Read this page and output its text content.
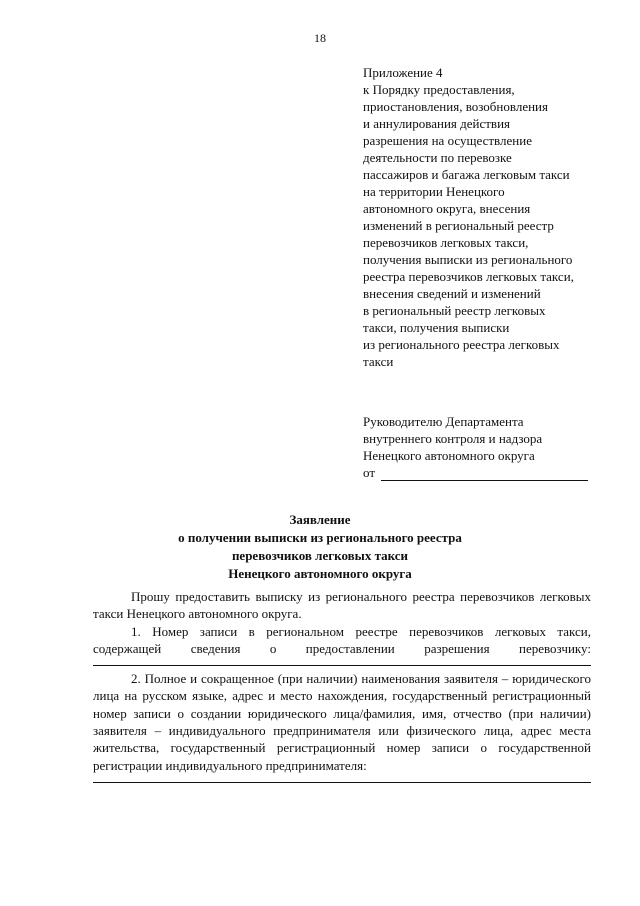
18
Приложение 4
к Порядку предоставления,
приостановления, возобновления
и аннулирования действия
разрешения на осуществление
деятельности по перевозке
пассажиров и багажа легковым такси
на территории Ненецкого
автономного округа, внесения
изменений в региональный реестр
перевозчиков легковых такси,
получения выписки из регионального
реестра перевозчиков легковых такси,
внесения сведений и изменений
в региональный реестр легковых
такси, получения выписки
из регионального реестра легковых
такси
Руководителю Департамента
внутреннего контроля и надзора
Ненецкого автономного округа
от
Заявление
о получении выписки из регионального реестра
перевозчиков легковых такси
Ненецкого автономного округа

Прошу предоставить выписку из регионального реестра перевозчиков легковых такси Ненецкого автономного округа.

1. Номер записи в региональном реестре перевозчиков легковых такси, содержащей сведения о предоставлении разрешения перевозчику:

2. Полное и сокращенное (при наличии) наименования заявителя – юридического лица на русском языке, адрес и место нахождения, государственный регистрационный номер записи о создании юридического лица/фамилия, имя, отчество (при наличии) заявителя – индивидуального предпринимателя или физического лица, адрес места жительства, государственный регистрационный номер записи о государственной регистрации индивидуального предпринимателя:
